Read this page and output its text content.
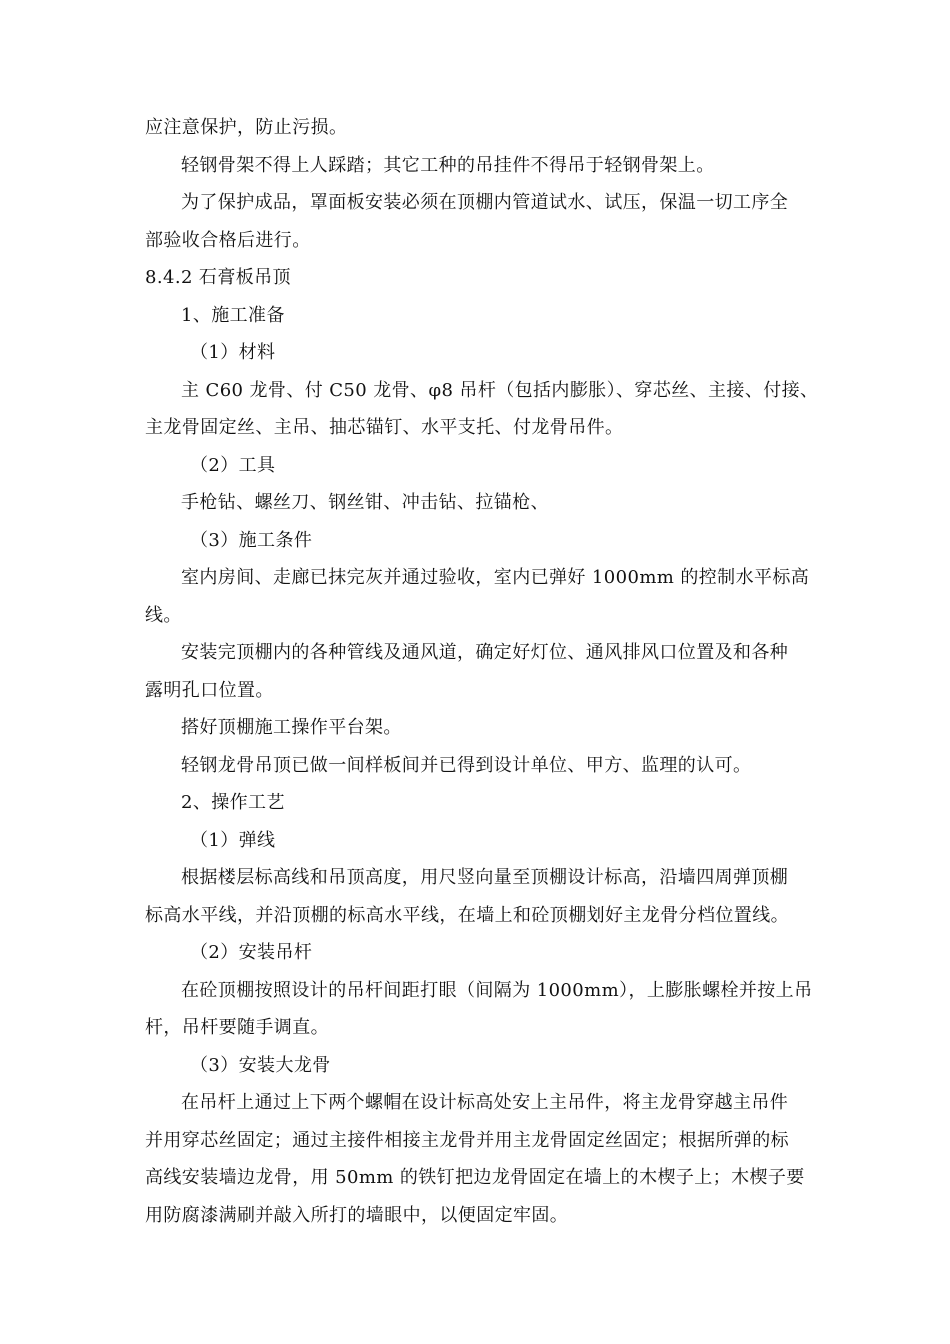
应注意保护，防止污损。
轻钢骨架不得上人踩踏；其它工种的吊挂件不得吊于轻钢骨架上。
为了保护成品，罩面板安装必须在顶棚内管道试水、试压，保温一切工序全
部验收合格后进行。
8.4.2 石膏板吊顶
1、施工准备
（1）材料
主 C60 龙骨、付 C50 龙骨、φ8 吊杆（包括内膨胀）、穿芯丝、主接、付接、
主龙骨固定丝、主吊、抽芯锚钉、水平支托、付龙骨吊件。
（2）工具
手枪钻、螺丝刀、钢丝钳、冲击钻、拉锚枪、
（3）施工条件
室内房间、走廊已抹完灰并通过验收，室内已弹好 1000mm 的控制水平标高
线。
安装完顶棚内的各种管线及通风道，确定好灯位、通风排风口位置及和各种
露明孔口位置。
搭好顶棚施工操作平台架。
轻钢龙骨吊顶已做一间样板间并已得到设计单位、甲方、监理的认可。
2、操作工艺
（1）弹线
根据楼层标高线和吊顶高度，用尺竖向量至顶棚设计标高，沿墙四周弹顶棚
标高水平线，并沿顶棚的标高水平线，在墙上和砼顶棚划好主龙骨分档位置线。
（2）安装吊杆
在砼顶棚按照设计的吊杆间距打眼（间隔为 1000mm），上膨胀螺栓并按上吊
杆，吊杆要随手调直。
（3）安装大龙骨
在吊杆上通过上下两个螺帽在设计标高处安上主吊件，将主龙骨穿越主吊件
并用穿芯丝固定；通过主接件相接主龙骨并用主龙骨固定丝固定；根据所弹的标
高线安装墙边龙骨，用 50mm 的铁钉把边龙骨固定在墙上的木楔子上；木楔子要
用防腐漆满刷并敲入所打的墙眼中，以便固定牢固。
